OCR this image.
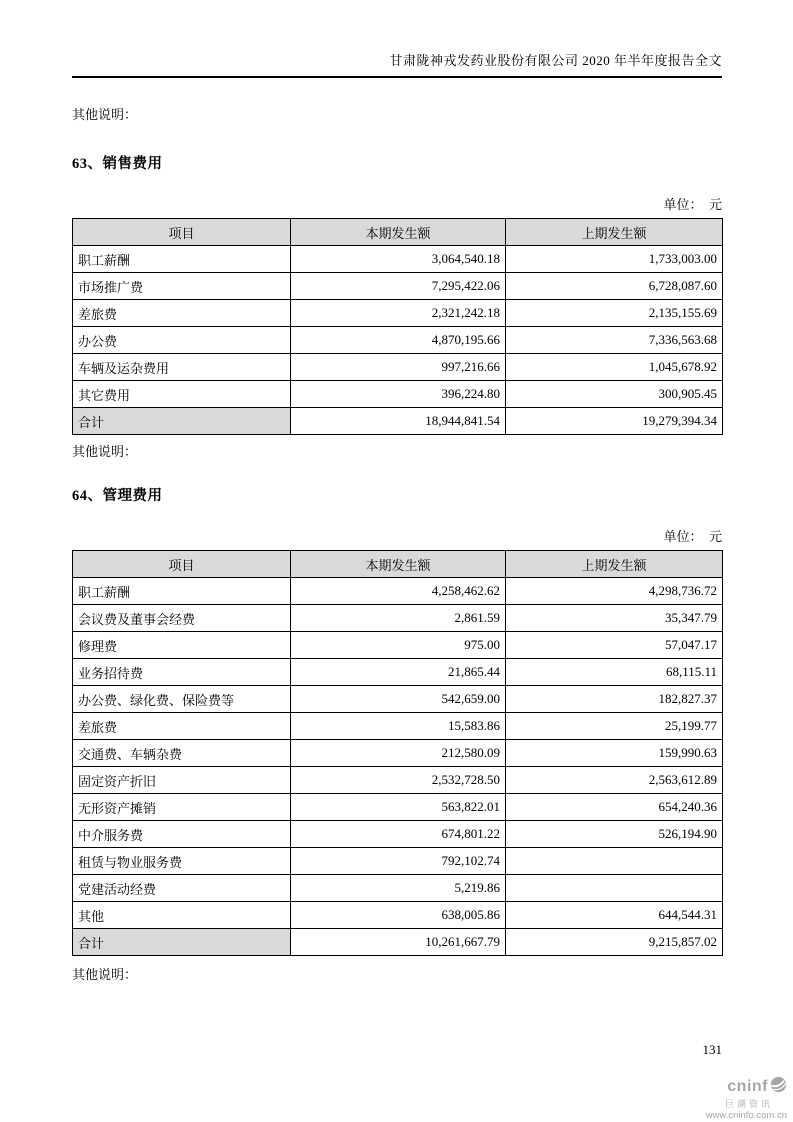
甘肃陇神戎发药业股份有限公司 2020 年半年度报告全文
其他说明：
63、销售费用
单位：　元
项目	本期发生额	上期发生额
职工薪酬	3,064,540.18	1,733,003.00
市场推广费	7,295,422.06	6,728,087.60
差旅费	2,321,242.18	2,135,155.69
办公费	4,870,195.66	7,336,563.68
车辆及运杂费用	997,216.66	1,045,678.92
其它费用	396,224.80	300,905.45
合计	18,944,841.54	19,279,394.34
其他说明：
64、管理费用
单位：　元
项目	本期发生额	上期发生额
职工薪酬	4,258,462.62	4,298,736.72
会议费及董事会经费	2,861.59	35,347.79
修理费	975.00	57,047.17
业务招待费	21,865.44	68,115.11
办公费、绿化费、保险费等	542,659.00	182,827.37
差旅费	15,583.86	25,199.77
交通费、车辆杂费	212,580.09	159,990.63
固定资产折旧	2,532,728.50	2,563,612.89
无形资产摊销	563,822.01	654,240.36
中介服务费	674,801.22	526,194.90
租赁与物业服务费	792,102.74	
党建活动经费	5,219.86	
其他	638,005.86	644,544.31
合计	10,261,667.79	9,215,857.02
其他说明：
131
cninf
巨潮资讯
www.cninfo.com.cn
